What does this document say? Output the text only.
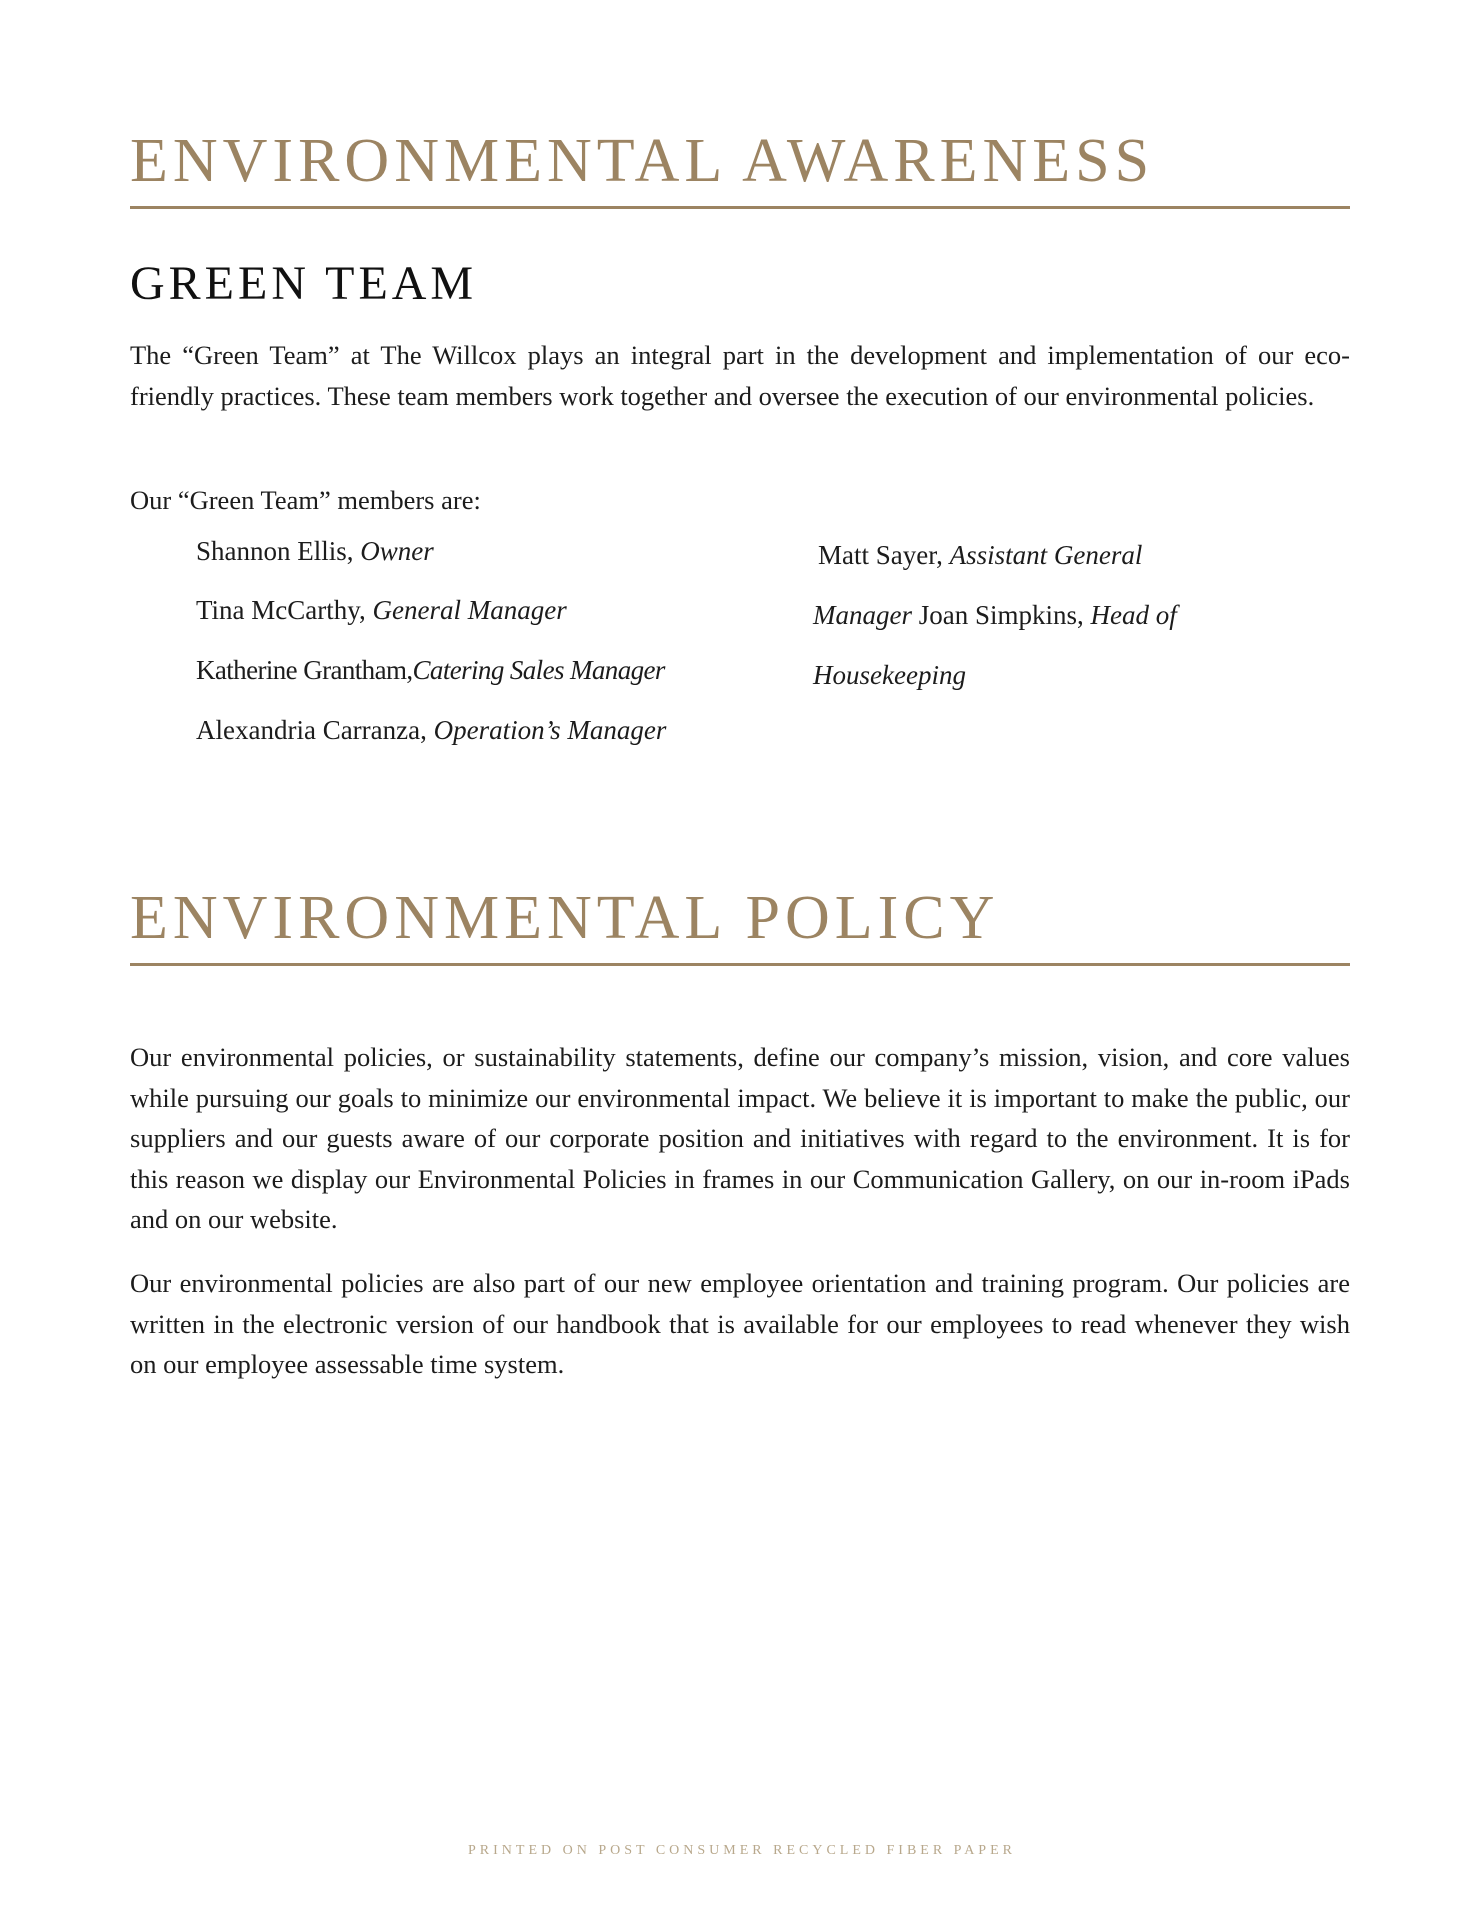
ENVIRONMENTAL AWARENESS
GREEN TEAM

The “Green Team” at The Willcox plays an integral part in the development and implementation of our eco-friendly practices. These team members work together and oversee the execution of our environmental policies.

Our “Green Team” members are:

Shannon Ellis, Owner
Tina McCarthy, General Manager
Katherine Grantham,Catering Sales Manager
Alexandria Carranza, Operation’s Manager
Matt Sayer, Assistant General
Manager Joan Simpkins, Head of
Housekeeping
ENVIRONMENTAL POLICY

Our environmental policies, or sustainability statements, define our company’s mission, vision, and core values while pursuing our goals to minimize our environmental impact. We believe it is important to make the public, our suppliers and our guests aware of our corporate position and initiatives with regard to the environment. It is for this reason we display our Environmental Policies in frames in our Communication Gallery, on our in-room iPads and on our website.

Our environmental policies are also part of our new employee orientation and training program. Our policies are written in the electronic version of our handbook that is available for our employees to read whenever they wish on our employee assessable time system.

PRINTED ON POST CONSUMER RECYCLED FIBER PAPER
